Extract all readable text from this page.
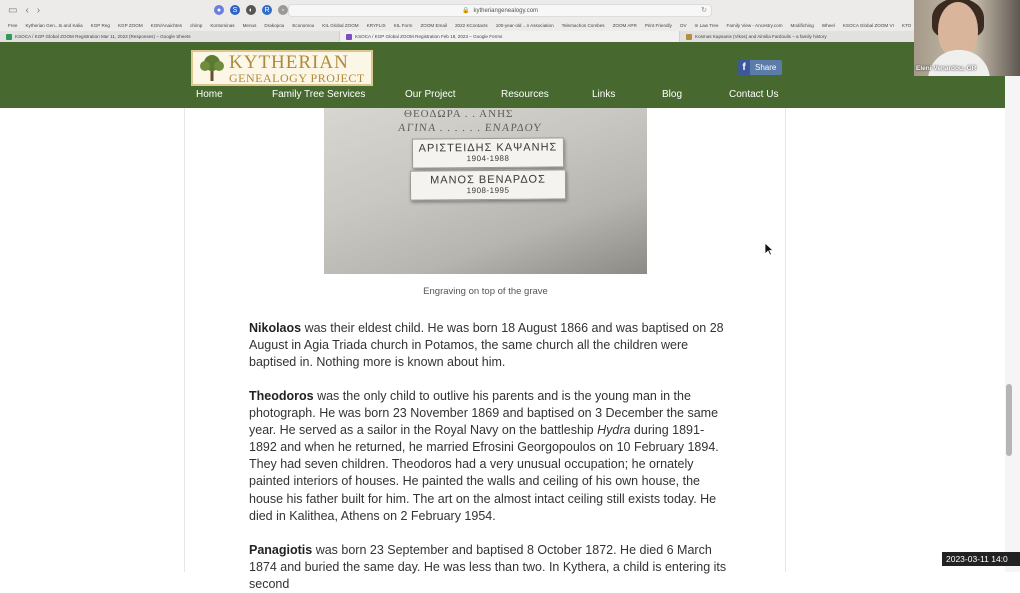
▭ ‹ ›	●	S	◐	R	▫	🔒 kytheriangenealogy.com	↻
Free Kytherian Gen...ts and Kalia KGP Reg KGP ZOOM KGN/Anaichtes chimp Kontominas Menus Drakopou Economou KIL Global ZOOM KRYFLIX KIL Form ZOOM Email 2022 KContacts 100-year-old ...n Association Telemachos Combes ZOOM APR Print Friendly OV In Law Tree Family View - Ancestry.com Modifiching Wheel KSOCA Global ZOOM VI KTO
KSOCA / KGP Global ZOOM Registration Mar 11, 2023 (Responses) – Google Sheets	KSOCA / KGP Global ZOOM Registration Feb 18, 2023 – Google Forms	Kosmas Kapsanis (Vikos) and Aimilia Fardoulis – a family history
KYTHERIAN
GENEALOGY PROJECT
f	Share
Home	Family Tree Services	Our Project	Resources	Links	Blog	Contact Us
ΘΕΟΔΩΡΑ . . ΑΝΗΣ
ΑΓΙΝΑ . . . . . . ΕΝΑΡΔΟΥ
ΑΡΙΣΤΕΙΔΗΣ ΚΑΨΑΝΗΣ
1904-1988
ΜΑΝΟΣ ΒΕΝΑΡΔΟΣ
1908-1995
Engraving on top of the grave
Nikolaos was their eldest child. He was born 18 August 1866 and was baptised on 28 August in Agia Triada church in Potamos, the same church all the children were baptised in. Nothing more is known about him.
Theodoros was the only child to outlive his parents and is the young man in the photograph. He was born 23 November 1869 and baptised on 3 December the same year. He served as a sailor in the Royal Navy on the battleship Hydra during 1891-1892 and when he returned, he married Efrosini Georgopoulos on 10 February 1894. They had seven children. Theodoros had a very unusual occupation; he ornately painted interiors of houses. He painted the walls and ceiling of his own house, the house his father built for him. The art on the almost intact ceiling still exists today. He died in Kalithea, Athens on 2 February 1954.
Panagiotis was born 23 September and baptised 8 October 1872. He died 6 March 1874 and buried the same day. He was less than two. In Kythera, a child is entering its second
Eleni Venardou, GR
2023-03-11 14:0
